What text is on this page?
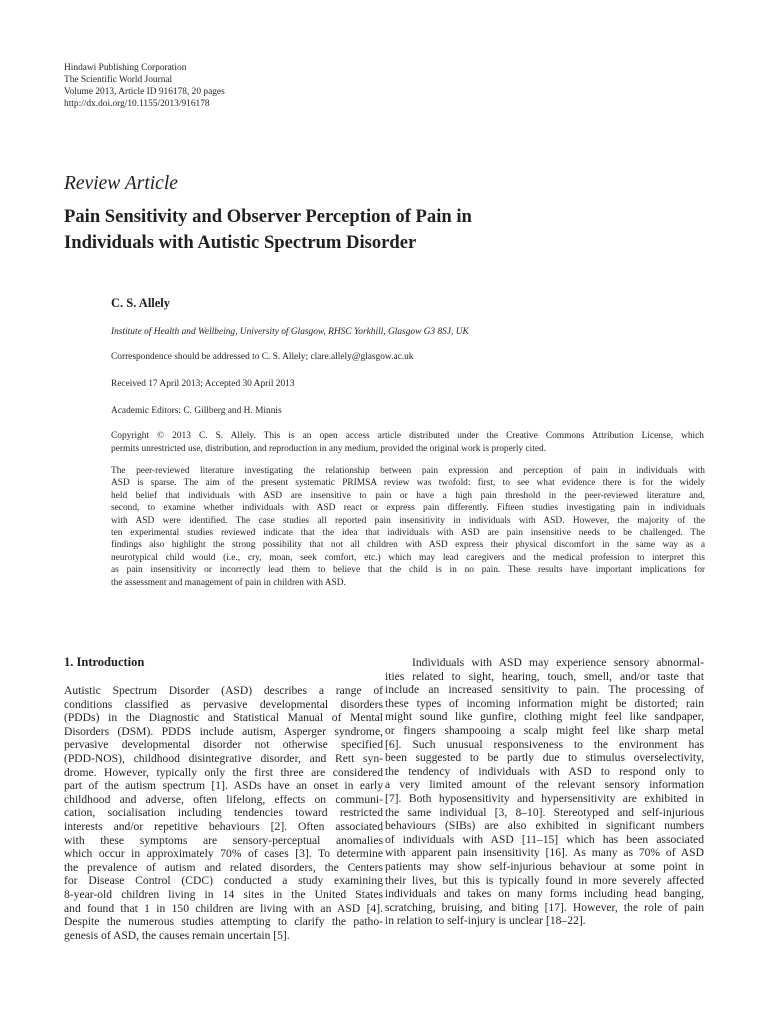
Hindawi Publishing Corporation
The Scientific World Journal
Volume 2013, Article ID 916178, 20 pages
http://dx.doi.org/10.1155/2013/916178
Review Article
Pain Sensitivity and Observer Perception of Pain in
Individuals with Autistic Spectrum Disorder
C. S. Allely
Institute of Health and Wellbeing, University of Glasgow, RHSC Yorkhill, Glasgow G3 8SJ, UK
Correspondence should be addressed to C. S. Allely; clare.allely@glasgow.ac.uk
Received 17 April 2013; Accepted 30 April 2013
Academic Editors: C. Gillberg and H. Minnis
Copyright © 2013 C. S. Allely. This is an open access article distributed under the Creative Commons Attribution License, which
permits unrestricted use, distribution, and reproduction in any medium, provided the original work is properly cited.
The peer-reviewed literature investigating the relationship between pain expression and perception of pain in individuals with
ASD is sparse. The aim of the present systematic PRIMSA review was twofold: first, to see what evidence there is for the widely
held belief that individuals with ASD are insensitive to pain or have a high pain threshold in the peer-reviewed literature and,
second, to examine whether individuals with ASD react or express pain differently. Fifteen studies investigating pain in individuals
with ASD were identified. The case studies all reported pain insensitivity in individuals with ASD. However, the majority of the
ten experimental studies reviewed indicate that the idea that individuals with ASD are pain insensitive needs to be challenged. The
findings also highlight the strong possibility that not all children with ASD express their physical discomfort in the same way as a
neurotypical child would (i.e., cry, moan, seek comfort, etc.) which may lead caregivers and the medical profession to interpret this
as pain insensitivity or incorrectly lead them to believe that the child is in no pain. These results have important implications for
the assessment and management of pain in children with ASD.
1. Introduction
Autistic Spectrum Disorder (ASD) describes a range of
conditions classified as pervasive developmental disorders
(PDDs) in the Diagnostic and Statistical Manual of Mental
Disorders (DSM). PDDS include autism, Asperger syndrome,
pervasive developmental disorder not otherwise specified
(PDD-NOS), childhood disintegrative disorder, and Rett syn-
drome. However, typically only the first three are considered
part of the autism spectrum [1]. ASDs have an onset in early
childhood and adverse, often lifelong, effects on communi-
cation, socialisation including tendencies toward restricted
interests and/or repetitive behaviours [2]. Often associated
with these symptoms are sensory-perceptual anomalies
which occur in approximately 70% of cases [3]. To determine
the prevalence of autism and related disorders, the Centers
for Disease Control (CDC) conducted a study examining
8-year-old children living in 14 sites in the United States
and found that 1 in 150 children are living with an ASD [4].
Despite the numerous studies attempting to clarify the patho-
genesis of ASD, the causes remain uncertain [5].
Individuals with ASD may experience sensory abnormal-
ities related to sight, hearing, touch, smell, and/or taste that
include an increased sensitivity to pain. The processing of
these types of incoming information might be distorted; rain
might sound like gunfire, clothing might feel like sandpaper,
or fingers shampooing a scalp might feel like sharp metal
[6]. Such unusual responsiveness to the environment has
been suggested to be partly due to stimulus overselectivity,
the tendency of individuals with ASD to respond only to
a very limited amount of the relevant sensory information
[7]. Both hyposensitivity and hypersensitivity are exhibited in
the same individual [3, 8–10]. Stereotyped and self-injurious
behaviours (SIBs) are also exhibited in significant numbers
of individuals with ASD [11–15] which has been associated
with apparent pain insensitivity [16]. As many as 70% of ASD
patients may show self-injurious behaviour at some point in
their lives, but this is typically found in more severely affected
individuals and takes on many forms including head banging,
scratching, bruising, and biting [17]. However, the role of pain
in relation to self-injury is unclear [18–22].
